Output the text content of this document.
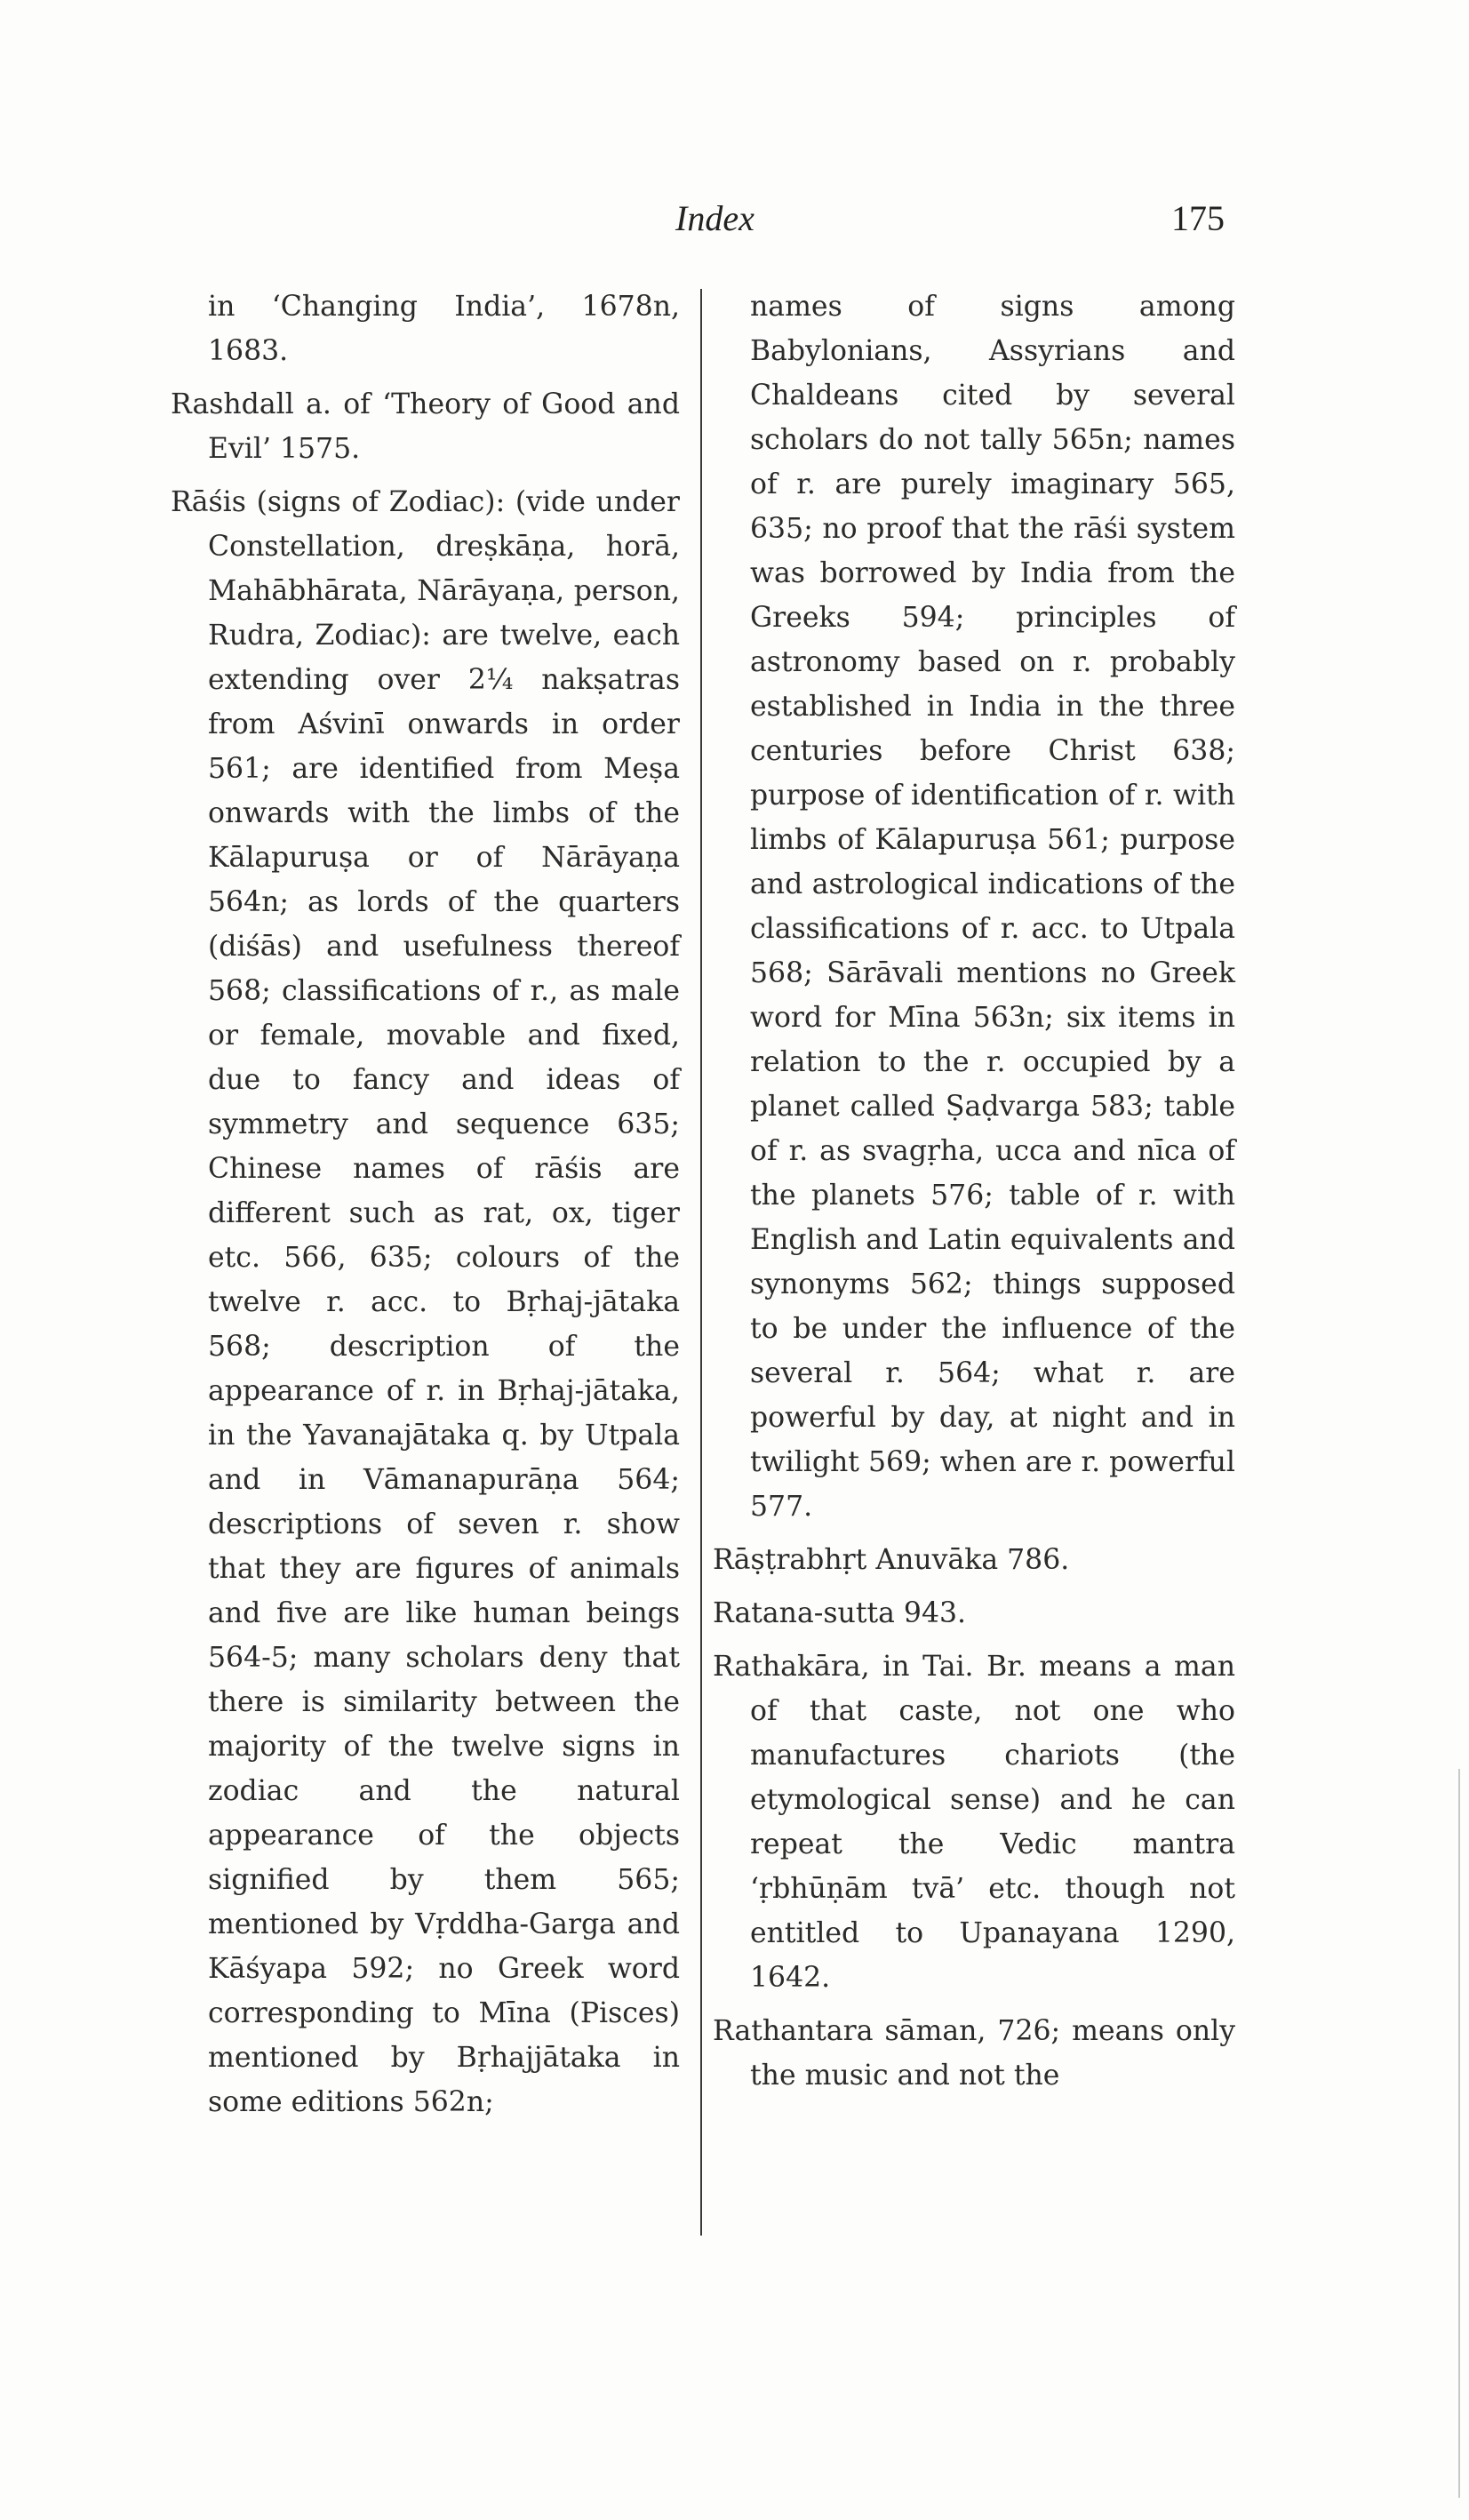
Index	175

in ‘Changing India’, 1678n, 1683.

Rashdall a. of ‘Theory of Good and Evil’ 1575.

Rāśis (signs of Zodiac): (vide under Constellation, dreṣkāṇa, horā, Mahābhārata, Nārāyaṇa, person, Rudra, Zodiac): are twelve, each extending over 2¼ nakṣatras from Aśvinī onwards in order 561; are identified from Meṣa onwards with the limbs of the Kālapuruṣa or of Nārāyaṇa 564n; as lords of the quarters (diśās) and usefulness thereof 568; classifications of r., as male or female, movable and fixed, due to fancy and ideas of symmetry and sequence 635; Chinese names of rāśis are different such as rat, ox, tiger etc. 566, 635; colours of the twelve r. acc. to Bṛhaj-jātaka 568; description of the appearance of r. in Bṛhaj-jātaka, in the Yavanajātaka q. by Utpala and in Vāmanapurāṇa 564; descriptions of seven r. show that they are figures of animals and five are like human beings 564-5; many scholars deny that there is similarity between the majority of the twelve signs in zodiac and the natural appearance of the objects signified by them 565; mentioned by Vṛddha-Garga and Kāśyapa 592; no Greek word corresponding to Mīna (Pisces) mentioned by Bṛhajjātaka in some editions 562n;

names of signs among Babylonians, Assyrians and Chaldeans cited by several scholars do not tally 565n; names of r. are purely imaginary 565, 635; no proof that the rāśi system was borrowed by India from the Greeks 594; principles of astronomy based on r. probably established in India in the three centuries before Christ 638; purpose of identification of r. with limbs of Kālapuruṣa 561; purpose and astrological indications of the classifications of r. acc. to Utpala 568; Sārāvali mentions no Greek word for Mīna 563n; six items in relation to the r. occupied by a planet called Ṣaḍvarga 583; table of r. as svagṛha, ucca and nīca of the planets 576; table of r. with English and Latin equivalents and synonyms 562; things supposed to be under the influence of the several r. 564; what r. are powerful by day, at night and in twilight 569; when are r. powerful 577.

Rāṣṭrabhṛt Anuvāka 786.

Ratana-sutta 943.

Rathakāra, in Tai. Br. means a man of that caste, not one who manufactures chariots (the etymological sense) and he can repeat the Vedic mantra ‘ṛbhūṇām tvā’ etc. though not entitled to Upanayana 1290, 1642.

Rathantara sāman, 726; means only the music and not the
